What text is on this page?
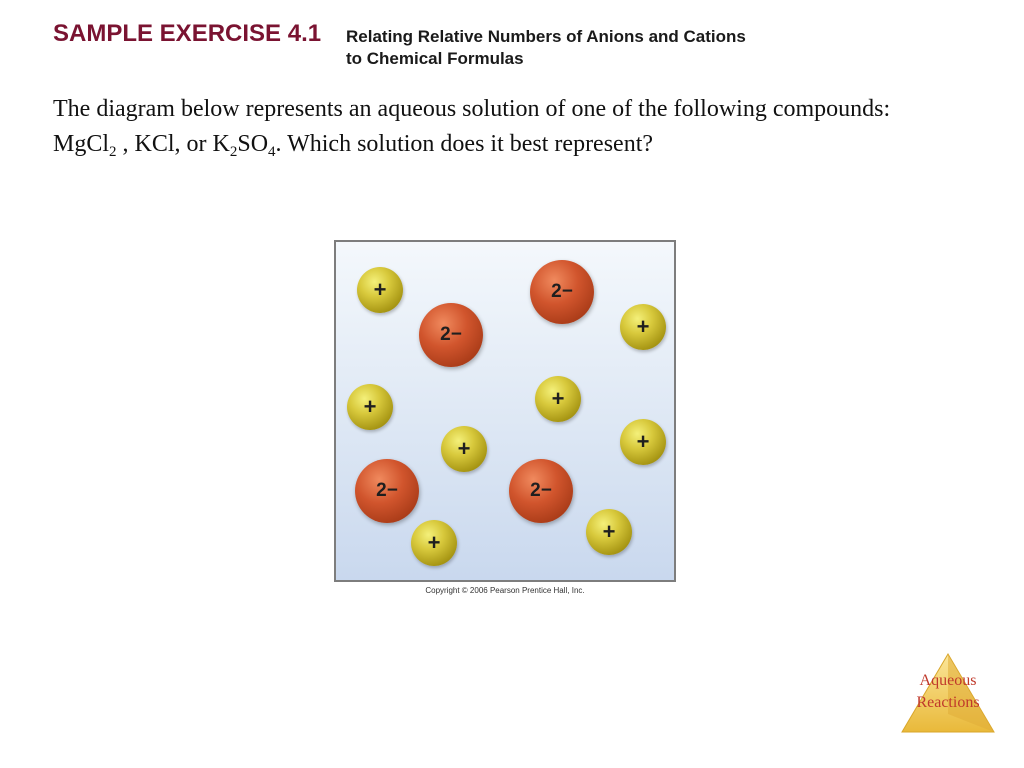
SAMPLE EXERCISE 4.1 Relating Relative Numbers of Anions and Cations to Chemical Formulas
The diagram below represents an aqueous solution of one of the following compounds: MgCl$_2$ , KCl, or $K_2SO_4$. Which solution does it best represent?
+	2−
+
2−
+	+
+	+
2−	2−
+	+
Copyright © 2006 Pearson Prentice Hall, Inc.
Aqueous
Reactions
